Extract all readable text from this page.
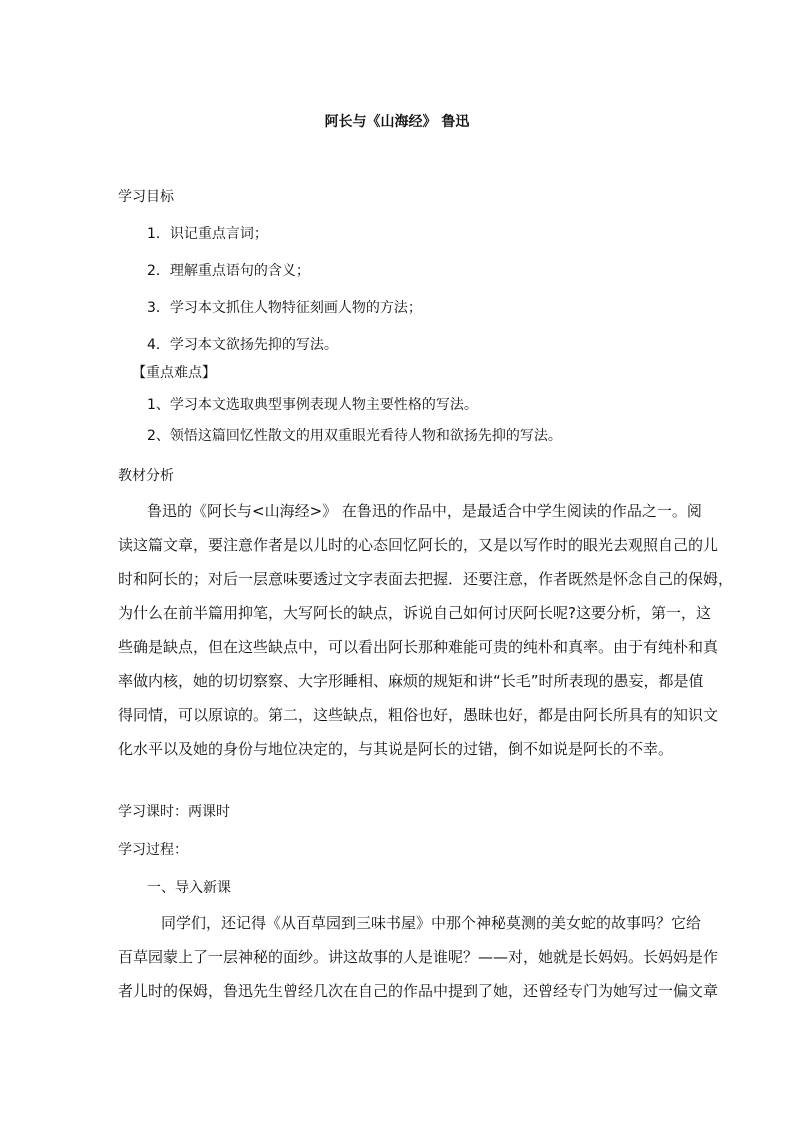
阿长与《山海经》 鲁迅
学习目标
1．识记重点言词；
2．理解重点语句的含义；
3．学习本文抓住人物特征刻画人物的方法；
4．学习本文欲扬先抑的写法。
【重点难点】
1、学习本文选取典型事例表现人物主要性格的写法。
2、领悟这篇回忆性散文的用双重眼光看待人物和欲扬先抑的写法。
教材分析
鲁迅的《阿长与<山海经>》 在鲁迅的作品中，是最适合中学生阅读的作品之一。阅
读这篇文章，要注意作者是以儿时的心态回忆阿长的，又是以写作时的眼光去观照自己的儿
时和阿长的；对后一层意味要透过文字表面去把握．还要注意，作者既然是怀念自己的保姆，
为什么在前半篇用抑笔，大写阿长的缺点，诉说自己如何讨厌阿长呢?这要分析，第一，这
些确是缺点，但在这些缺点中，可以看出阿长那种难能可贵的纯朴和真率。由于有纯朴和真
率做内核，她的切切察察、大字形睡相、麻烦的规矩和讲“长毛”时所表现的愚妄，都是值
得同情，可以原谅的。第二，这些缺点，粗俗也好，愚昧也好，都是由阿长所具有的知识文
化水平以及她的身份与地位决定的，与其说是阿长的过错，倒不如说是阿长的不幸。
学习课时：两课时
学习过程：
一、导入新课
同学们，还记得《从百草园到三味书屋》中那个神秘莫测的美女蛇的故事吗？它给
百草园蒙上了一层神秘的面纱。讲这故事的人是谁呢？——对，她就是长妈妈。长妈妈是作
者儿时的保姆，鲁迅先生曾经几次在自己的作品中提到了她，还曾经专门为她写过一偏文章
